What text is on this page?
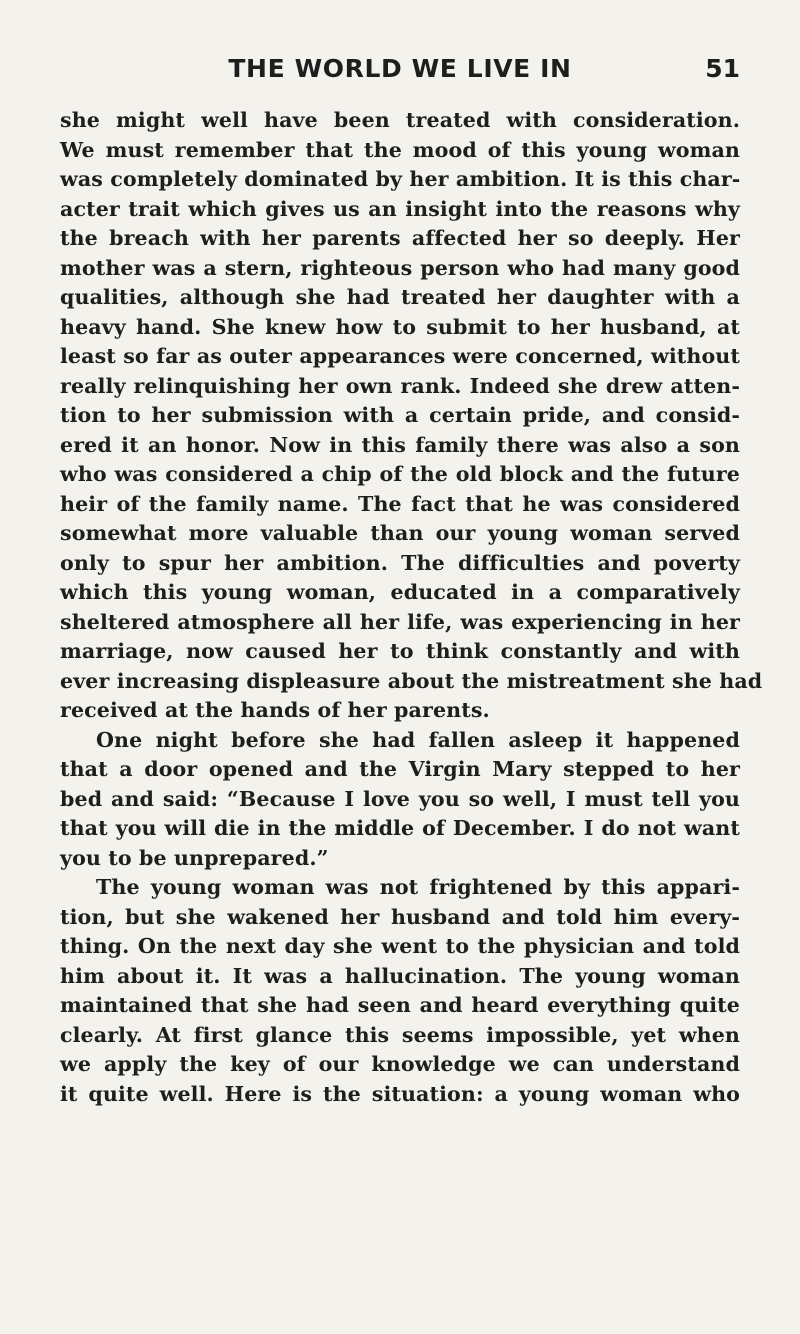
THE WORLD WE LIVE IN	51
she might well have been treated with consideration.
We must remember that the mood of this young woman
was completely dominated by her ambition. It is this char-
acter trait which gives us an insight into the reasons why
the breach with her parents affected her so deeply. Her
mother was a stern, righteous person who had many good
qualities, although she had treated her daughter with a
heavy hand. She knew how to submit to her husband, at
least so far as outer appearances were concerned, without
really relinquishing her own rank. Indeed she drew atten-
tion to her submission with a certain pride, and consid-
ered it an honor. Now in this family there was also a son
who was considered a chip of the old block and the future
heir of the family name. The fact that he was considered
somewhat more valuable than our young woman served
only to spur her ambition. The difficulties and poverty
which this young woman, educated in a comparatively
sheltered atmosphere all her life, was experiencing in her
marriage, now caused her to think constantly and with
ever increasing displeasure about the mistreatment she had
received at the hands of her parents.
One night before she had fallen asleep it happened
that a door opened and the Virgin Mary stepped to her
bed and said: “Because I love you so well, I must tell you
that you will die in the middle of December. I do not want
you to be unprepared.”
The young woman was not frightened by this appari-
tion, but she wakened her husband and told him every-
thing. On the next day she went to the physician and told
him about it. It was a hallucination. The young woman
maintained that she had seen and heard everything quite
clearly. At first glance this seems impossible, yet when
we apply the key of our knowledge we can understand
it quite well. Here is the situation: a young woman who
